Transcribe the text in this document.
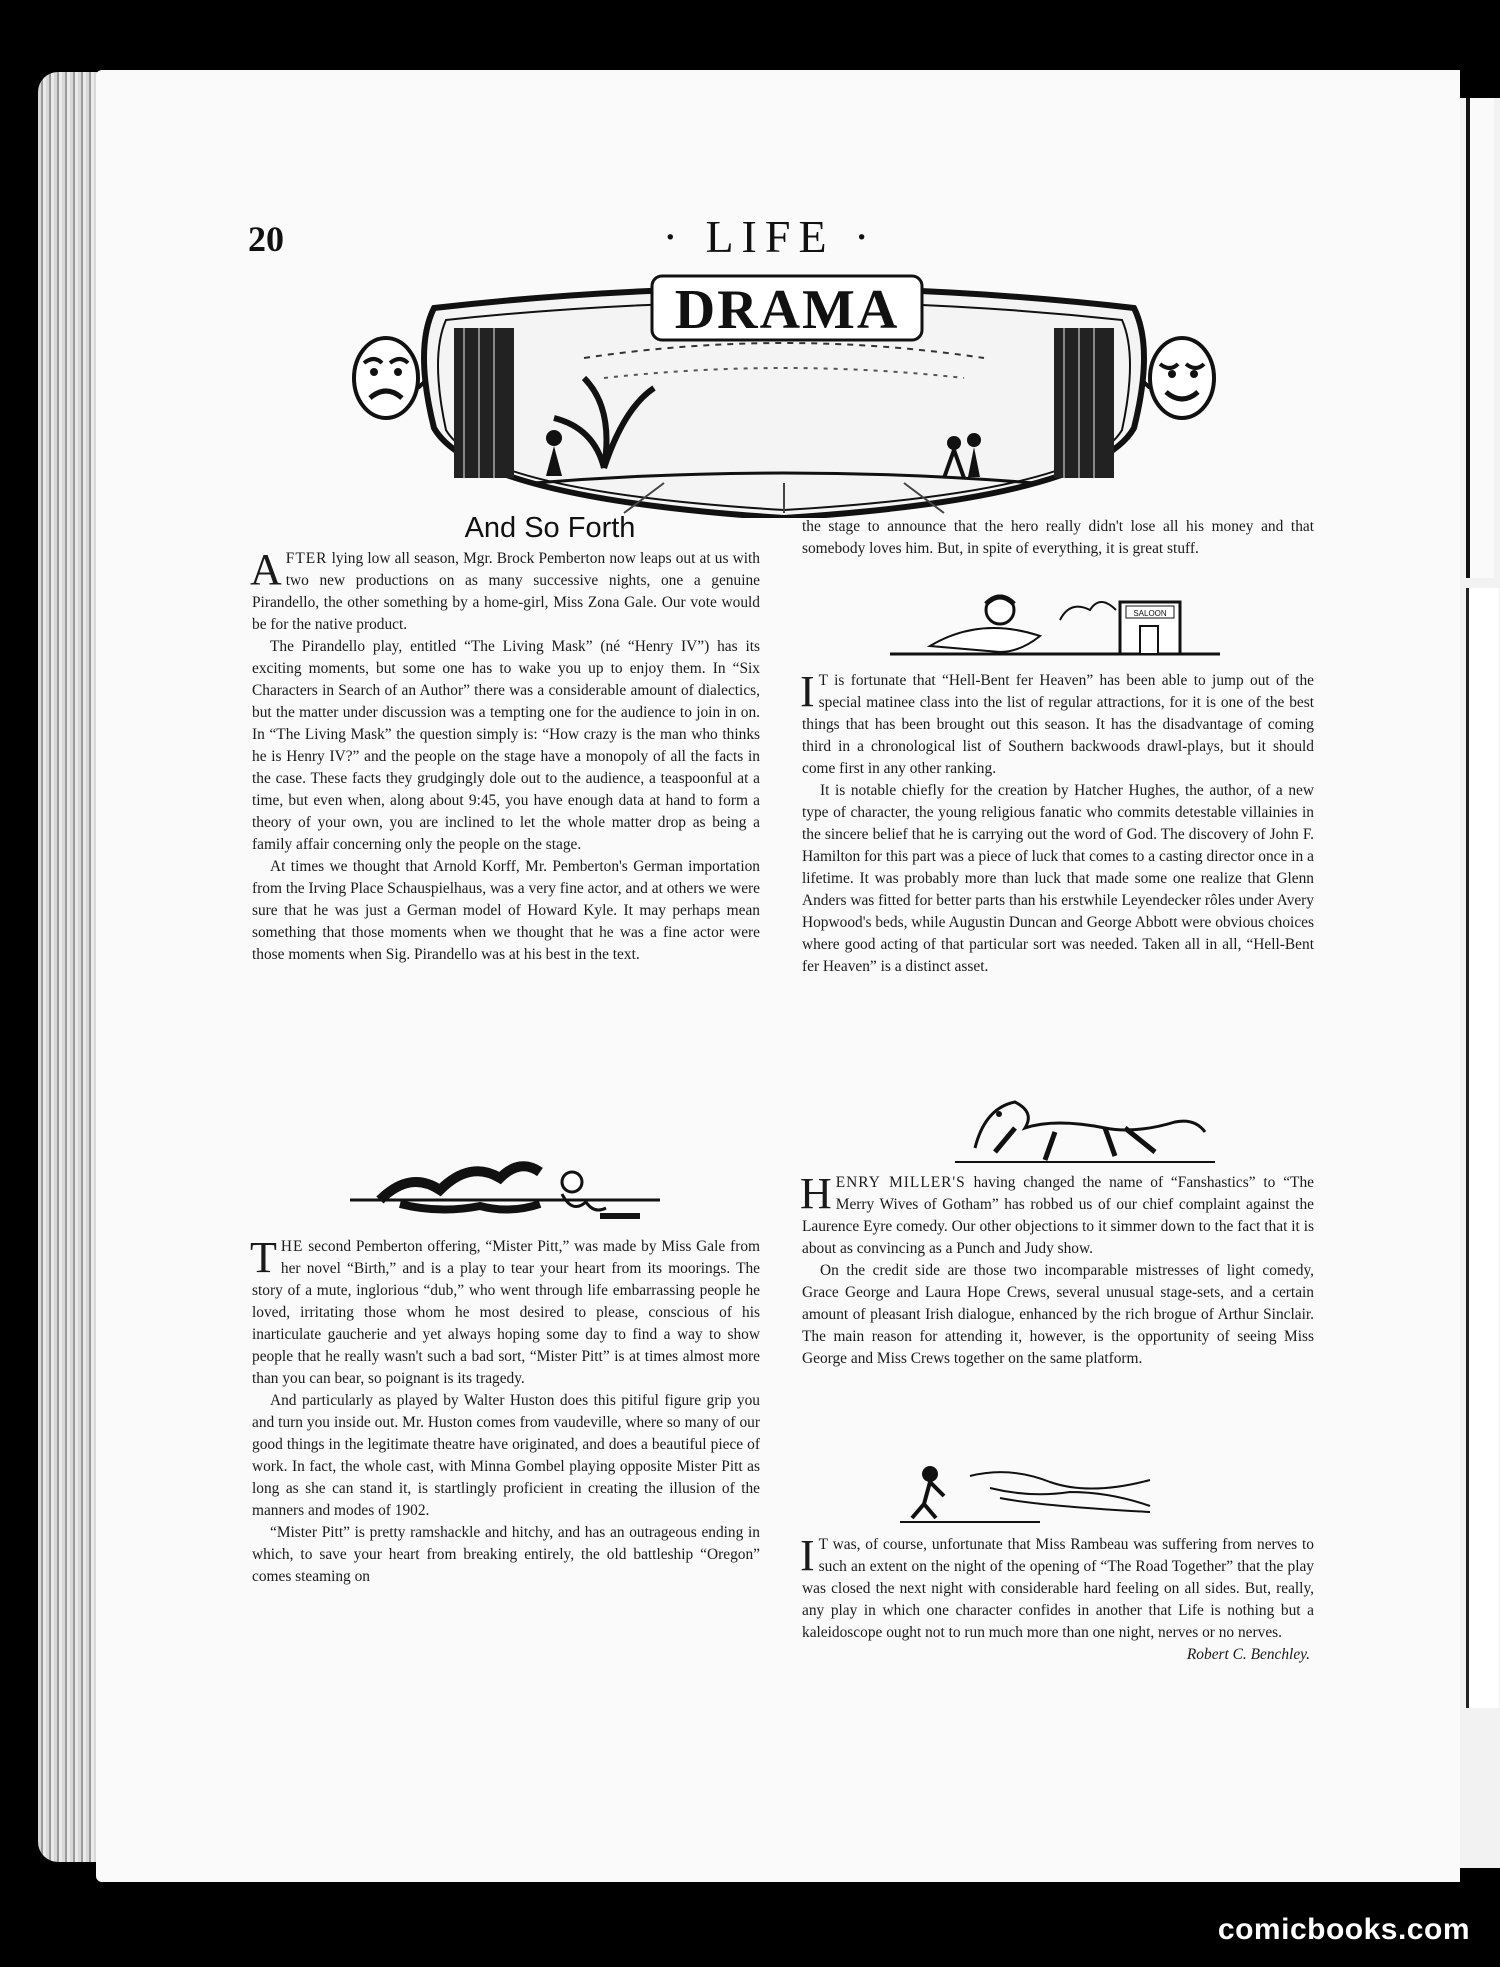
20	· LIFE ·
DRAMA
And So Forth

AFTER lying low all season, Mgr. Brock Pemberton now leaps out at us with two new productions on as many successive nights, one a genuine Pirandello, the other something by a home-girl, Miss Zona Gale. Our vote would be for the native product.

The Pirandello play, entitled “The Living Mask” (né “Henry IV”) has its exciting moments, but some one has to wake you up to enjoy them. In “Six Characters in Search of an Author” there was a considerable amount of dialectics, but the matter under discussion was a tempting one for the audience to join in on. In “The Living Mask” the question simply is: “How crazy is the man who thinks he is Henry IV?” and the people on the stage have a monopoly of all the facts in the case. These facts they grudgingly dole out to the audience, a teaspoonful at a time, but even when, along about 9:45, you have enough data at hand to form a theory of your own, you are inclined to let the whole matter drop as being a family affair concerning only the people on the stage.

At times we thought that Arnold Korff, Mr. Pemberton's German importation from the Irving Place Schauspielhaus, was a very fine actor, and at others we were sure that he was just a German model of Howard Kyle. It may perhaps mean something that those moments when we thought that he was a fine actor were those moments when Sig. Pirandello was at his best in the text.

THE second Pemberton offering, “Mister Pitt,” was made by Miss Gale from her novel “Birth,” and is a play to tear your heart from its moorings. The story of a mute, inglorious “dub,” who went through life embarrassing people he loved, irritating those whom he most desired to please, conscious of his inarticulate gaucherie and yet always hoping some day to find a way to show people that he really wasn't such a bad sort, “Mister Pitt” is at times almost more than you can bear, so poignant is its tragedy.

And particularly as played by Walter Huston does this pitiful figure grip you and turn you inside out. Mr. Huston comes from vaudeville, where so many of our good things in the legitimate theatre have originated, and does a beautiful piece of work. In fact, the whole cast, with Minna Gombel playing opposite Mister Pitt as long as she can stand it, is startlingly proficient in creating the illusion of the manners and modes of 1902.

“Mister Pitt” is pretty ramshackle and hitchy, and has an outrageous ending in which, to save your heart from breaking entirely, the old battleship “Oregon” comes steaming on

the stage to announce that the hero really didn't lose all his money and that somebody loves him. But, in spite of everything, it is great stuff.

SALOON

I T is fortunate that “Hell-Bent fer Heaven” has been able to jump out of the special matinee class into the list of regular attractions, for it is one of the best things that has been brought out this season. It has the disadvantage of coming third in a chronological list of Southern backwoods drawl-plays, but it should come first in any other ranking.

It is notable chiefly for the creation by Hatcher Hughes, the author, of a new type of character, the young religious fanatic who commits detestable villainies in the sincere belief that he is carrying out the word of God. The discovery of John F. Hamilton for this part was a piece of luck that comes to a casting director once in a lifetime. It was probably more than luck that made some one realize that Glenn Anders was fitted for better parts than his erstwhile Leyendecker rôles under Avery Hopwood's beds, while Augustin Duncan and George Abbott were obvious choices where good acting of that particular sort was needed. Taken all in all, “Hell-Bent fer Heaven” is a distinct asset.

HENRY MILLER'S having changed the name of “Fanshastics” to “The Merry Wives of Gotham” has robbed us of our chief complaint against the Laurence Eyre comedy. Our other objections to it simmer down to the fact that it is about as convincing as a Punch and Judy show.

On the credit side are those two incomparable mistresses of light comedy, Grace George and Laura Hope Crews, several unusual stage-sets, and a certain amount of pleasant Irish dialogue, enhanced by the rich brogue of Arthur Sinclair. The main reason for attending it, however, is the opportunity of seeing Miss George and Miss Crews together on the same platform.

I T was, of course, unfortunate that Miss Rambeau was suffering from nerves to such an extent on the night of the opening of “The Road Together” that the play was closed the next night with considerable hard feeling on all sides. But, really, any play in which one character confides in another that Life is nothing but a kaleidoscope ought not to run much more than one night, nerves or no nerves.

Robert C. Benchley.

comicbooks.com
